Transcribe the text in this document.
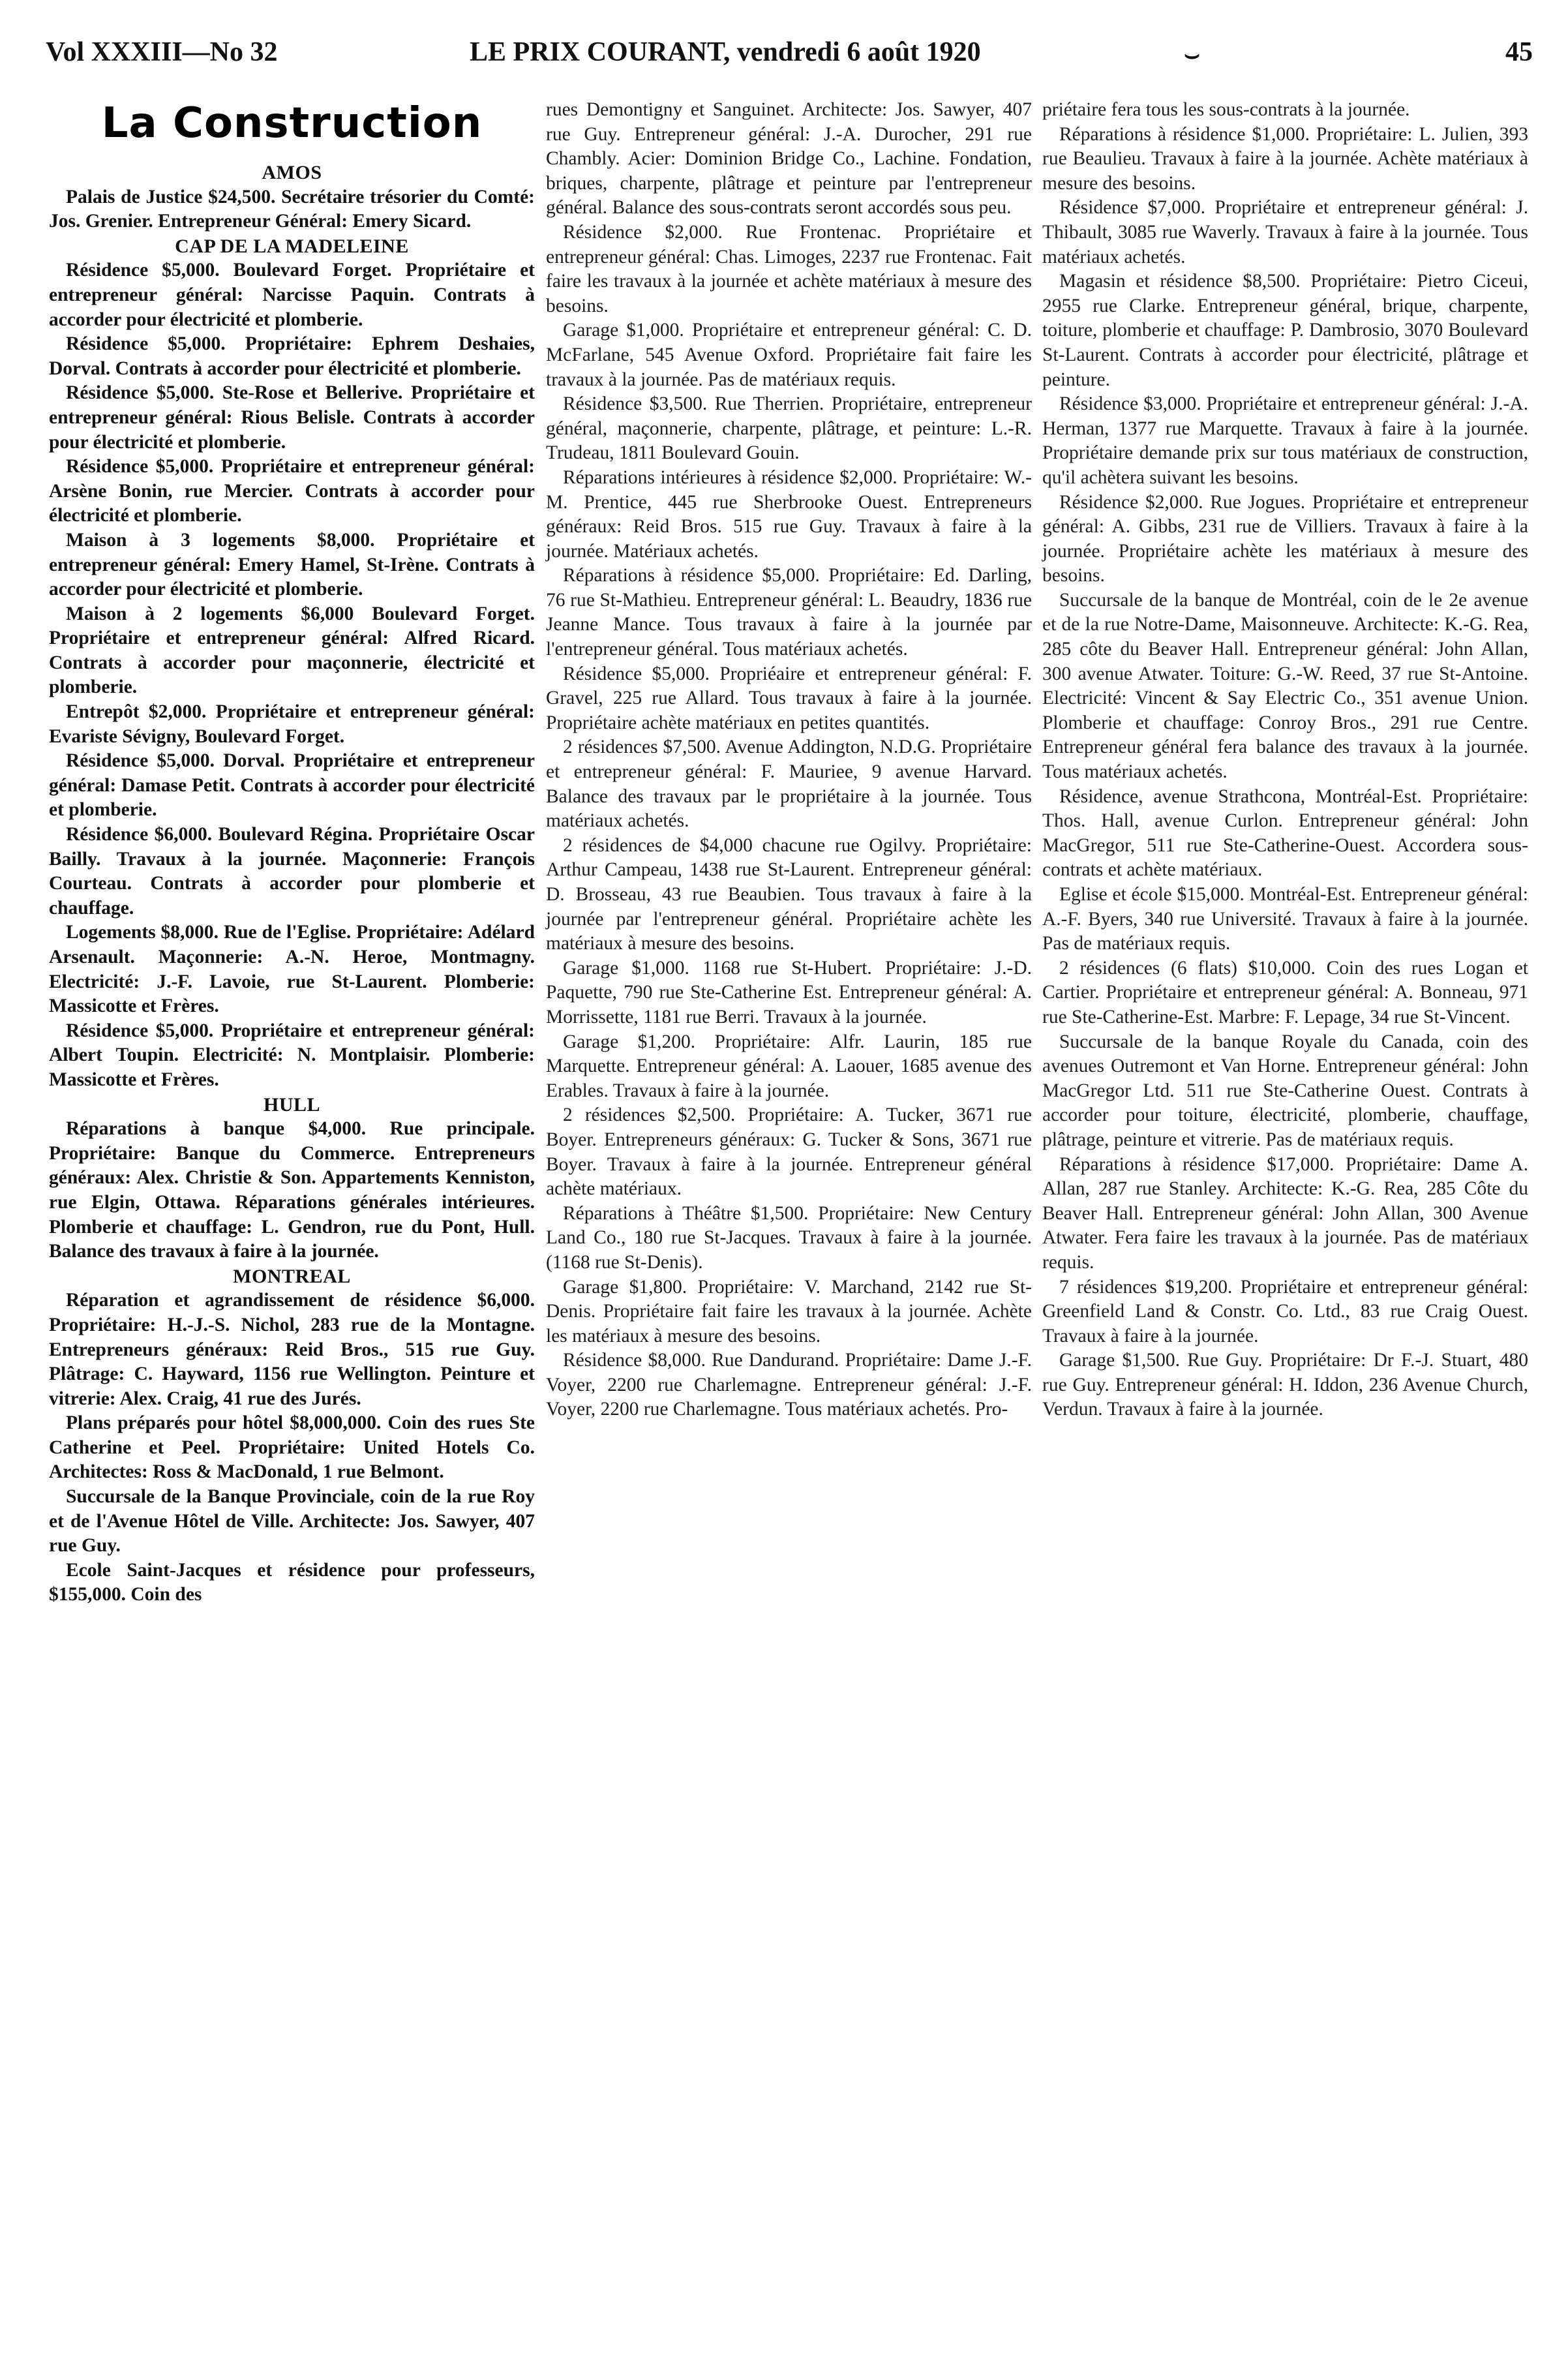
Vol XXXIII—No 32	LE PRIX COURANT, vendredi 6 août 1920	⌣	45
La Construction

AMOS

Palais de Justice $24,500. Secrétaire trésorier du Comté: Jos. Grenier. Entrepreneur Général: Emery Sicard.

CAP DE LA MADELEINE

Résidence $5,000. Boulevard Forget. Propriétaire et entrepreneur général: Narcisse Paquin. Contrats à accorder pour électricité et plomberie.

Résidence $5,000. Propriétaire: Ephrem Deshaies, Dorval. Contrats à accorder pour électricité et plomberie.

Résidence $5,000. Ste-Rose et Bellerive. Propriétaire et entrepreneur général: Rious Belisle. Contrats à accorder pour électricité et plomberie.

Résidence $5,000. Propriétaire et entrepreneur général: Arsène Bonin, rue Mercier. Contrats à accorder pour électricité et plomberie.

Maison à 3 logements $8,000. Propriétaire et entrepreneur général: Emery Hamel, St-Irène. Contrats à accorder pour électricité et plomberie.

Maison à 2 logements $6,000 Boulevard Forget. Propriétaire et entrepreneur général: Alfred Ricard. Contrats à accorder pour maçonnerie, électricité et plomberie.

Entrepôt $2,000. Propriétaire et entrepreneur général: Evariste Sévigny, Boulevard Forget.

Résidence $5,000. Dorval. Propriétaire et entrepreneur général: Damase Petit. Contrats à accorder pour électricité et plomberie.

Résidence $6,000. Boulevard Régina. Propriétaire Oscar Bailly. Travaux à la journée. Maçonnerie: François Courteau. Contrats à accorder pour plomberie et chauffage.

Logements $8,000. Rue de l'Eglise. Propriétaire: Adélard Arsenault. Maçonnerie: A.-N. Heroe, Montmagny. Electricité: J.-F. Lavoie, rue St-Laurent. Plomberie: Massicotte et Frères.

Résidence $5,000. Propriétaire et entrepreneur général: Albert Toupin. Electricité: N. Montplaisir. Plomberie: Massicotte et Frères.

HULL

Réparations à banque $4,000. Rue principale. Propriétaire: Banque du Commerce. Entrepreneurs généraux: Alex. Christie & Son. Appartements Kenniston, rue Elgin, Ottawa. Réparations générales intérieures. Plomberie et chauffage: L. Gendron, rue du Pont, Hull. Balance des travaux à faire à la journée.

MONTREAL

Réparation et agrandissement de résidence $6,000. Propriétaire: H.-J.-S. Nichol, 283 rue de la Montagne. Entrepreneurs généraux: Reid Bros., 515 rue Guy. Plâtrage: C. Hayward, 1156 rue Wellington. Peinture et vitrerie: Alex. Craig, 41 rue des Jurés.

Plans préparés pour hôtel $8,000,000. Coin des rues Ste Catherine et Peel. Propriétaire: United Hotels Co. Architectes: Ross & MacDonald, 1 rue Belmont.

Succursale de la Banque Provinciale, coin de la rue Roy et de l'Avenue Hôtel de Ville. Architecte: Jos. Sawyer, 407 rue Guy.

Ecole Saint-Jacques et résidence pour professeurs, $155,000. Coin des

rues Demontigny et Sanguinet. Architecte: Jos. Sawyer, 407 rue Guy. Entrepreneur général: J.-A. Durocher, 291 rue Chambly. Acier: Dominion Bridge Co., Lachine. Fondation, briques, charpente, plâtrage et peinture par l'entrepreneur général. Balance des sous-contrats seront accordés sous peu.

Résidence $2,000. Rue Frontenac. Propriétaire et entrepreneur général: Chas. Limoges, 2237 rue Frontenac. Fait faire les travaux à la journée et achète matériaux à mesure des besoins.

Garage $1,000. Propriétaire et entrepreneur général: C. D. McFarlane, 545 Avenue Oxford. Propriétaire fait faire les travaux à la journée. Pas de matériaux requis.

Résidence $3,500. Rue Therrien. Propriétaire, entrepreneur général, maçonnerie, charpente, plâtrage, et peinture: L.-R. Trudeau, 1811 Boulevard Gouin.

Réparations intérieures à résidence $2,000. Propriétaire: W.-M. Prentice, 445 rue Sherbrooke Ouest. Entrepreneurs généraux: Reid Bros. 515 rue Guy. Travaux à faire à la journée. Matériaux achetés.

Réparations à résidence $5,000. Propriétaire: Ed. Darling, 76 rue St-Mathieu. Entrepreneur général: L. Beaudry, 1836 rue Jeanne Mance. Tous travaux à faire à la journée par l'entrepreneur général. Tous matériaux achetés.

Résidence $5,000. Propriéaire et entrepreneur général: F. Gravel, 225 rue Allard. Tous travaux à faire à la journée. Propriétaire achète matériaux en petites quantités.

2 résidences $7,500. Avenue Addington, N.D.G. Propriétaire et entrepreneur général: F. Mauriee, 9 avenue Harvard. Balance des travaux par le propriétaire à la journée. Tous matériaux achetés.

2 résidences de $4,000 chacune rue Ogilvy. Propriétaire: Arthur Campeau, 1438 rue St-Laurent. Entrepreneur général: D. Brosseau, 43 rue Beaubien. Tous travaux à faire à la journée par l'entrepreneur général. Propriétaire achète les matériaux à mesure des besoins.

Garage $1,000. 1168 rue St-Hubert. Propriétaire: J.-D. Paquette, 790 rue Ste-Catherine Est. Entrepreneur général: A. Morrissette, 1181 rue Berri. Travaux à la journée.

Garage $1,200. Propriétaire: Alfr. Laurin, 185 rue Marquette. Entrepreneur général: A. Laouer, 1685 avenue des Erables. Travaux à faire à la journée.

2 résidences $2,500. Propriétaire: A. Tucker, 3671 rue Boyer. Entrepreneurs généraux: G. Tucker & Sons, 3671 rue Boyer. Travaux à faire à la journée. Entrepreneur général achète matériaux.

Réparations à Théâtre $1,500. Propriétaire: New Century Land Co., 180 rue St-Jacques. Travaux à faire à la journée. (1168 rue St-Denis).

Garage $1,800. Propriétaire: V. Marchand, 2142 rue St-Denis. Propriétaire fait faire les travaux à la journée. Achète les matériaux à mesure des besoins.

Résidence $8,000. Rue Dandurand. Propriétaire: Dame J.-F. Voyer, 2200 rue Charlemagne. Entrepreneur général: J.-F. Voyer, 2200 rue Charlemagne. Tous matériaux achetés. Pro-

priétaire fera tous les sous-contrats à la journée.

Réparations à résidence $1,000. Propriétaire: L. Julien, 393 rue Beaulieu. Travaux à faire à la journée. Achète matériaux à mesure des besoins.

Résidence $7,000. Propriétaire et entrepreneur général: J. Thibault, 3085 rue Waverly. Travaux à faire à la journée. Tous matériaux achetés.

Magasin et résidence $8,500. Propriétaire: Pietro Ciceui, 2955 rue Clarke. Entrepreneur général, brique, charpente, toiture, plomberie et chauffage: P. Dambrosio, 3070 Boulevard St-Laurent. Contrats à accorder pour électricité, plâtrage et peinture.

Résidence $3,000. Propriétaire et entrepreneur général: J.-A. Herman, 1377 rue Marquette. Travaux à faire à la journée. Propriétaire demande prix sur tous matériaux de construction, qu'il achètera suivant les besoins.

Résidence $2,000. Rue Jogues. Propriétaire et entrepreneur général: A. Gibbs, 231 rue de Villiers. Travaux à faire à la journée. Propriétaire achète les matériaux à mesure des besoins.

Succursale de la banque de Montréal, coin de le 2e avenue et de la rue Notre-Dame, Maisonneuve. Architecte: K.-G. Rea, 285 côte du Beaver Hall. Entrepreneur général: John Allan, 300 avenue Atwater. Toiture: G.-W. Reed, 37 rue St-Antoine. Electricité: Vincent & Say Electric Co., 351 avenue Union. Plomberie et chauffage: Conroy Bros., 291 rue Centre. Entrepreneur général fera balance des travaux à la journée. Tous matériaux achetés.

Résidence, avenue Strathcona, Montréal-Est. Propriétaire: Thos. Hall, avenue Curlon. Entrepreneur général: John MacGregor, 511 rue Ste-Catherine-Ouest. Accordera sous-contrats et achète matériaux.

Eglise et école $15,000. Montréal-Est. Entrepreneur général: A.-F. Byers, 340 rue Université. Travaux à faire à la journée. Pas de matériaux requis.

2 résidences (6 flats) $10,000. Coin des rues Logan et Cartier. Propriétaire et entrepreneur général: A. Bonneau, 971 rue Ste-Catherine-Est. Marbre: F. Lepage, 34 rue St-Vincent.

Succursale de la banque Royale du Canada, coin des avenues Outremont et Van Horne. Entrepreneur général: John MacGregor Ltd. 511 rue Ste-Catherine Ouest. Contrats à accorder pour toiture, électricité, plomberie, chauffage, plâtrage, peinture et vitrerie. Pas de matériaux requis.

Réparations à résidence $17,000. Propriétaire: Dame A. Allan, 287 rue Stanley. Architecte: K.-G. Rea, 285 Côte du Beaver Hall. Entrepreneur général: John Allan, 300 Avenue Atwater. Fera faire les travaux à la journée. Pas de matériaux requis.

7 résidences $19,200. Propriétaire et entrepreneur général: Greenfield Land & Constr. Co. Ltd., 83 rue Craig Ouest. Travaux à faire à la journée.

Garage $1,500. Rue Guy. Propriétaire: Dr F.-J. Stuart, 480 rue Guy. Entrepreneur général: H. Iddon, 236 Avenue Church, Verdun. Travaux à faire à la journée.
